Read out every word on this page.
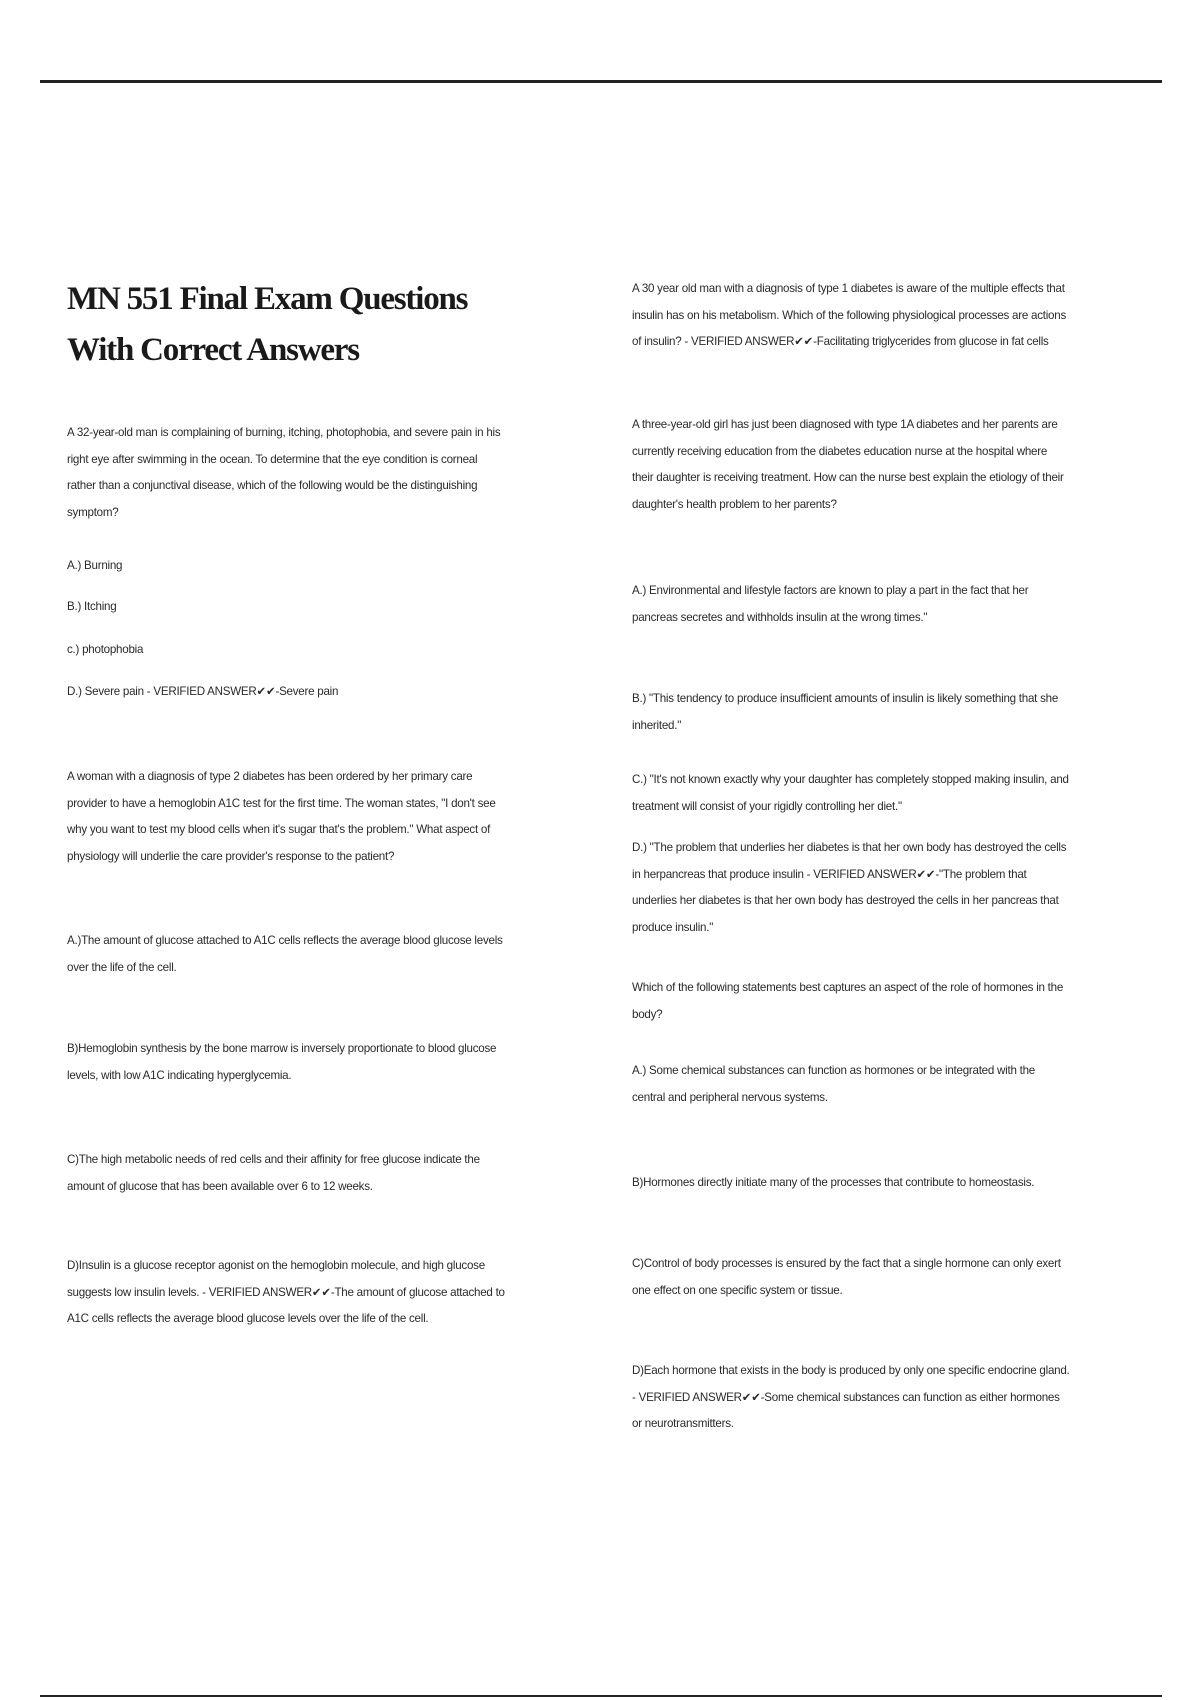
MN 551 Final Exam Questions With Correct Answers

A 32-year-old man is complaining of burning, itching, photophobia, and severe pain in his right eye after swimming in the ocean. To determine that the eye condition is corneal rather than a conjunctival disease, which of the following would be the distinguishing symptom?

A.) Burning

B.) Itching

c.) photophobia

D.) Severe pain - VERIFIED ANSWER✔✔-Severe pain

A woman with a diagnosis of type 2 diabetes has been ordered by her primary care provider to have a hemoglobin A1C test for the first time. The woman states, "I don't see why you want to test my blood cells when it's sugar that's the problem." What aspect of physiology will underlie the care provider's response to the patient?

A.)The amount of glucose attached to A1C cells reflects the average blood glucose levels over the life of the cell.

B)Hemoglobin synthesis by the bone marrow is inversely proportionate to blood glucose levels, with low A1C indicating hyperglycemia.

C)The high metabolic needs of red cells and their affinity for free glucose indicate the amount of glucose that has been available over 6 to 12 weeks.

D)Insulin is a glucose receptor agonist on the hemoglobin molecule, and high glucose suggests low insulin levels. - VERIFIED ANSWER✔✔-The amount of glucose attached to A1C cells reflects the average blood glucose levels over the life of the cell.

A 30 year old man with a diagnosis of type 1 diabetes is aware of the multiple effects that insulin has on his metabolism. Which of the following physiological processes are actions of insulin? - VERIFIED ANSWER✔✔-Facilitating triglycerides from glucose in fat cells

A three-year-old girl has just been diagnosed with type 1A diabetes and her parents are currently receiving education from the diabetes education nurse at the hospital where their daughter is receiving treatment. How can the nurse best explain the etiology of their daughter's health problem to her parents?

A.) Environmental and lifestyle factors are known to play a part in the fact that her pancreas secretes and withholds insulin at the wrong times."

B.) "This tendency to produce insufficient amounts of insulin is likely something that she inherited."

C.) "It's not known exactly why your daughter has completely stopped making insulin, and treatment will consist of your rigidly controlling her diet."

D.) "The problem that underlies her diabetes is that her own body has destroyed the cells in herpancreas that produce insulin - VERIFIED ANSWER✔✔-"The problem that underlies her diabetes is that her own body has destroyed the cells in her pancreas that produce insulin."

Which of the following statements best captures an aspect of the role of hormones in the body?

A.) Some chemical substances can function as hormones or be integrated with the central and peripheral nervous systems.

B)Hormones directly initiate many of the processes that contribute to homeostasis.

C)Control of body processes is ensured by the fact that a single hormone can only exert one effect on one specific system or tissue.

D)Each hormone that exists in the body is produced by only one specific endocrine gland. - VERIFIED ANSWER✔✔-Some chemical substances can function as either hormones or neurotransmitters.
